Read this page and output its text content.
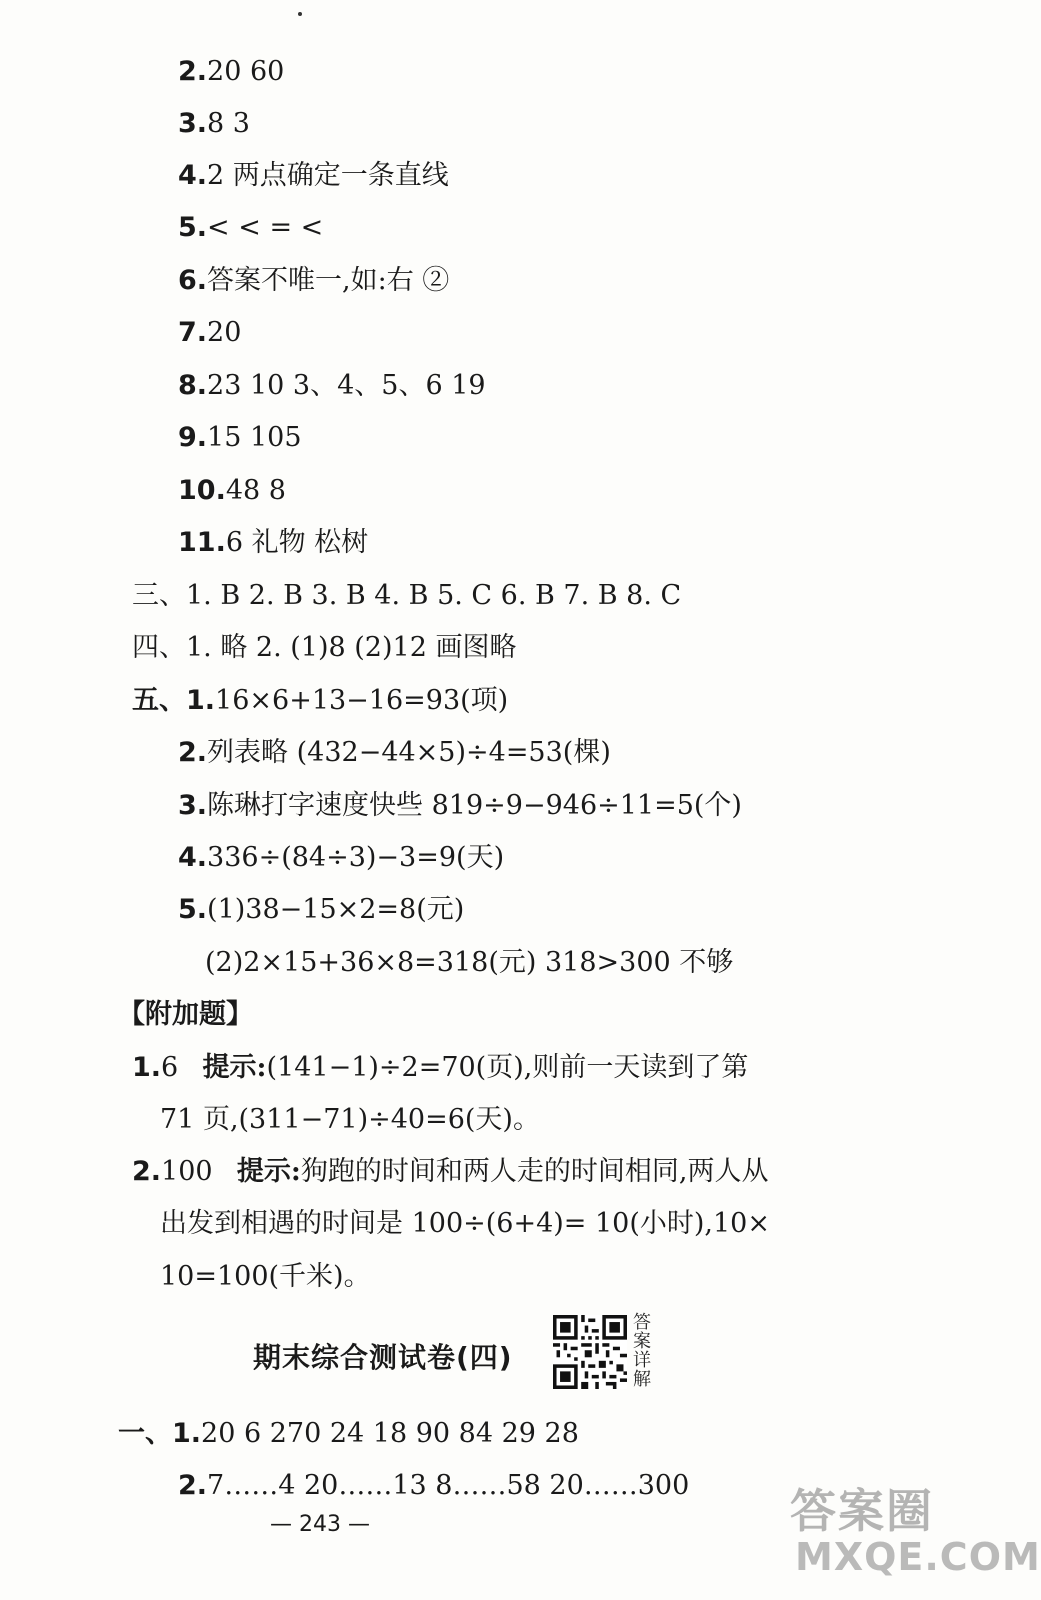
2.20 60
3.8 3
4.2 两点确定一条直线
5.< < = <
6.答案不唯一,如:右 ②
7.20
8.23 10 3、4、5、6 19
9.15 105
10.48 8
11.6 礼物 松树
三、1. B 2. B 3. B 4. B 5. C 6. B 7. B 8. C
四、1. 略 2. (1)8 (2)12 画图略
五、1.16×6+13−16=93(项)
2.列表略 (432−44×5)÷4=53(棵)
3.陈琳打字速度快些 819÷9−946÷11=5(个)
4.336÷(84÷3)−3=9(天)
5.(1)38−15×2=8(元)
(2)2×15+36×8=318(元) 318>300 不够
【附加题】
1.6 提示:(141−1)÷2=70(页),则前一天读到了第
71 页,(311−71)÷40=6(天)。
2.100 提示:狗跑的时间和两人走的时间相同,两人从
出发到相遇的时间是 100÷(6+4)= 10(小时),10×
10=100(千米)。
期末综合测试卷(四)
答
案
详
解
一、1.20 6 270 24 18 90 84 29 28
2.7……4 20……13 8……58 20……300
— 243 —	答案圈
MXQE.COM
